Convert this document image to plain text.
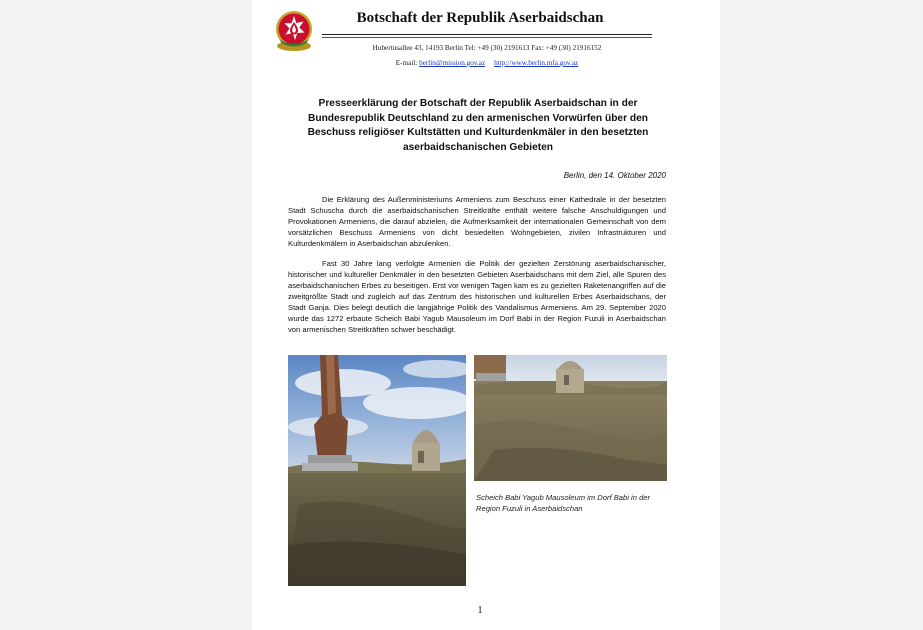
Botschaft der Republik Aserbaidschan
Hubertusallee 43, 14193 Berlin Tel: +49 (30) 2191613 Fax: +49 (30) 21916152
E-mail: berlin@mission.gov.az http://www.berlin.mfa.gov.az
Presseerklärung der Botschaft der Republik Aserbaidschan in der Bundesrepublik Deutschland zu den armenischen Vorwürfen über den Beschuss religiöser Kultstätten und Kulturdenkmäler in den besetzten aserbaidschanischen Gebieten
Berlin, den 14. Oktober 2020

Die Erklärung des Außenministeriums Armeniens zum Beschuss einer Kathedrale in der besetzten Stadt Schuscha durch die aserbaidschanischen Streitkräfte enthält weitere falsche Anschuldigungen und Provokationen Armeniens, die darauf abzielen, die Aufmerksamkeit der internationalen Gemeinschaft von dem vorsätzlichen Beschuss Armeniens von dicht besiedelten Wohngebieten, zivilen Infrastrukturen und Kulturdenkmälern in Aserbaidschan abzulenken.

Fast 30 Jahre lang verfolgte Armenien die Politik der gezielten Zerstörung aserbaidschanischer, historischer und kultureller Denkmäler in den besetzten Gebieten Aserbaidschans mit dem Ziel, alle Spuren des aserbaidschanischen Erbes zu beseitigen. Erst vor wenigen Tagen kam es zu gezielten Raketenangriffen auf die zweitgrößte Stadt und zugleich auf das Zentrum des historischen und kulturellen Erbes Aserbaidschans, der Stadt Ganja. Dies belegt deutlich die langjährige Politik des Vandalismus Armeniens. Am 29. September 2020 wurde das 1272 erbaute Scheich Babi Yagub Mausoleum im Dorf Babi in der Region Fuzuli in Aserbaidschan von armenischen Streitkräften schwer beschädigt.

Scheich Babi Yagub Mausoleum im Dorf Babi in der Region Fuzuli in Aserbaidschan

1
